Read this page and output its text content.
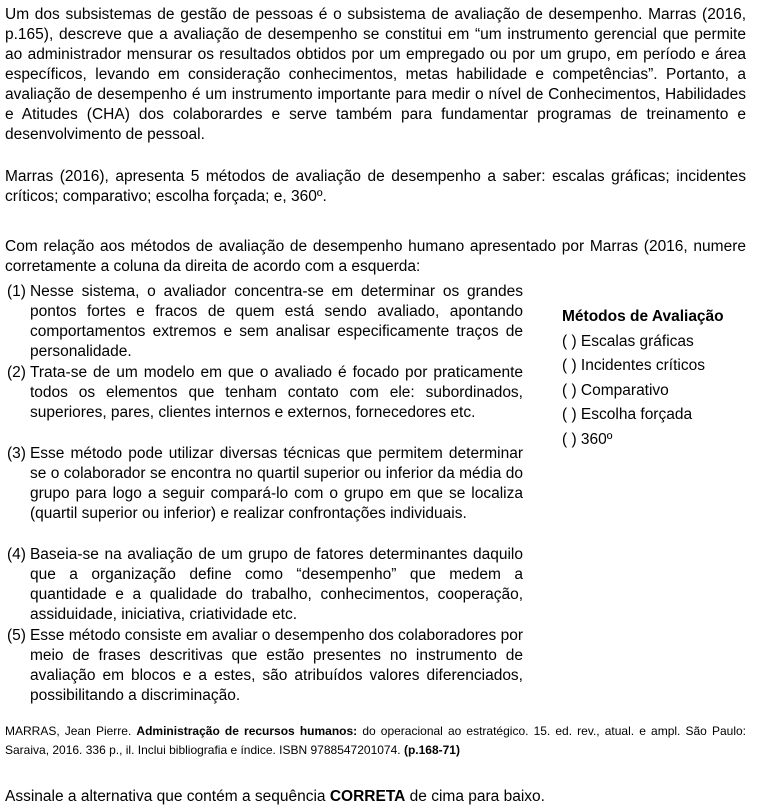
Um dos subsistemas de gestão de pessoas é o subsistema de avaliação de desempenho. Marras (2016, p.165), descreve que a avaliação de desempenho se constitui em “um instrumento gerencial que permite ao administrador mensurar os resultados obtidos por um empregado ou por um grupo, em período e área específicos, levando em consideração conhecimentos, metas habilidade e competências”. Portanto, a avaliação de desempenho é um instrumento importante para medir o nível de Conhecimentos, Habilidades e Atitudes (CHA) dos colaborardes e serve também para fundamentar programas de treinamento e desenvolvimento de pessoal.

Marras (2016), apresenta 5 métodos de avaliação de desempenho a saber: escalas gráficas; incidentes críticos; comparativo; escolha forçada; e, 360º.

Com relação aos métodos de avaliação de desempenho humano apresentado por Marras (2016, numere corretamente a coluna da direita de acordo com a esquerda:

(1) Nesse sistema, o avaliador concentra-se em determinar os grandes pontos fortes e fracos de quem está sendo avaliado, apontando comportamentos extremos e sem analisar especificamente traços de personalidade.
(2) Trata-se de um modelo em que o avaliado é focado por praticamente todos os elementos que tenham contato com ele: subordinados, superiores, pares, clientes internos e externos, fornecedores etc.
(3) Esse método pode utilizar diversas técnicas que permitem determinar se o colaborador se encontra no quartil superior ou inferior da média do grupo para logo a seguir compará-lo com o grupo em que se localiza (quartil superior ou inferior) e realizar confrontações individuais.
(4) Baseia-se na avaliação de um grupo de fatores determinantes daquilo que a organização define como “desempenho” que medem a quantidade e a qualidade do trabalho, conhecimentos, cooperação, assiduidade, iniciativa, criatividade etc.
(5) Esse método consiste em avaliar o desempenho dos colaboradores por meio de frases descritivas que estão presentes no instrumento de avaliação em blocos e a estes, são atribuídos valores diferenciados, possibilitando a discriminação.
Métodos de Avaliação
( ) Escalas gráficas
( ) Incidentes críticos
( ) Comparativo
( ) Escolha forçada
( ) 360º

MARRAS, Jean Pierre. Administração de recursos humanos: do operacional ao estratégico. 15. ed. rev., atual. e ampl. São Paulo: Saraiva, 2016. 336 p., il. Inclui bibliografia e índice. ISBN 9788547201074. (p.168-71)

Assinale a alternativa que contém a sequência CORRETA de cima para baixo.
